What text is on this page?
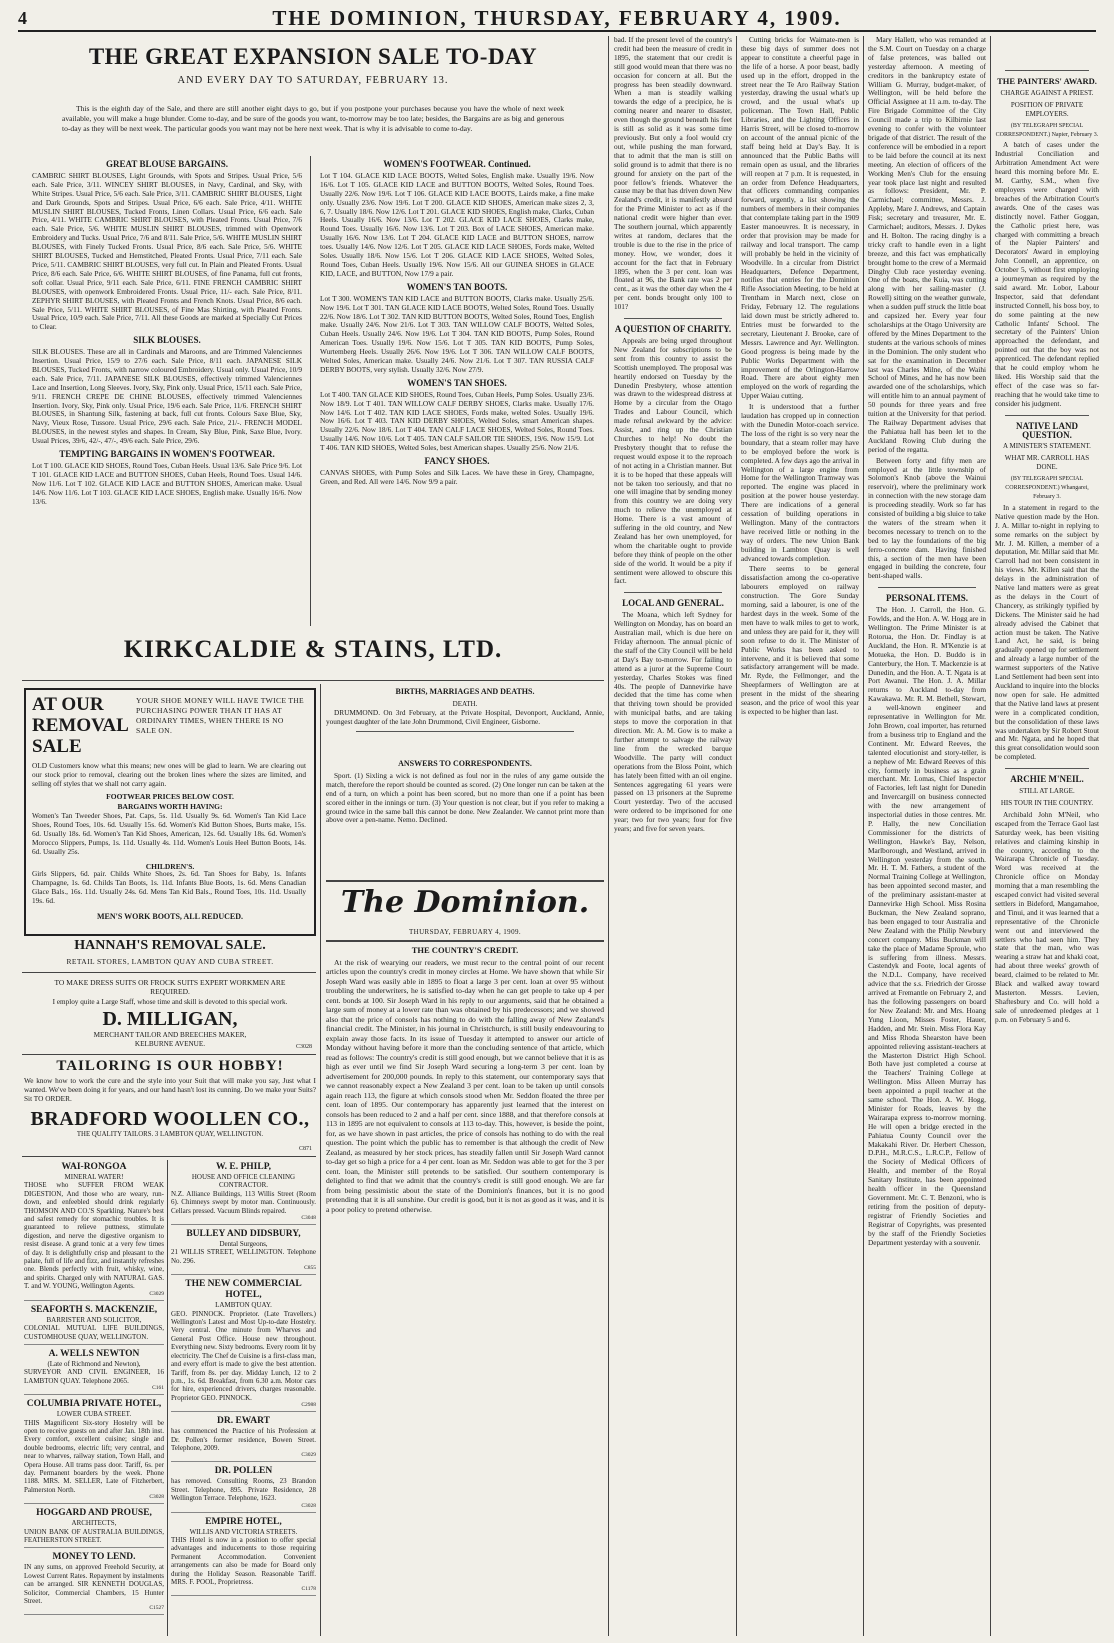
4	THE DOMINION, THURSDAY, FEBRUARY 4, 1909.
THE GREAT EXPANSION SALE TO-DAY
AND EVERY DAY TO SATURDAY, FEBRUARY 13.
This is the eighth day of the Sale, and there are still another eight days to go, but if you postpone your purchases because you have the whole of next week available, you will make a huge blunder. Come to-day, and be sure of the goods you want, to-morrow may be too late; besides, the Bargains are as big and generous to-day as they will be next week. The particular goods you want may not be here next week. That is why it is advisable to come to-day.
GREAT BLOUSE BARGAINS.

CAMBRIC SHIRT BLOUSES, Light Grounds, with Spots and Stripes. Usual Price, 5/6 each. Sale Price, 3/11. WINCEY SHIRT BLOUSES, in Navy, Cardinal, and Sky, with White Stripes. Usual Price, 5/6 each. Sale Price, 3/11. CAMBRIC SHIRT BLOUSES, Light and Dark Grounds, Spots and Stripes. Usual Price, 6/6 each. Sale Price, 4/11. WHITE MUSLIN SHIRT BLOUSES, Tucked Fronts, Linen Collars. Usual Price, 6/6 each. Sale Price, 4/11. WHITE CAMBRIC SHIRT BLOUSES, with Pleated Fronts. Usual Price, 7/6 each. Sale Price, 5/6. WHITE MUSLIN SHIRT BLOUSES, trimmed with Openwork Embroidery and Tucks. Usual Price, 7/6 and 8/11. Sale Price, 5/6. WHITE MUSLIN SHIRT BLOUSES, with Finely Tucked Fronts. Usual Price, 8/6 each. Sale Price, 5/6. WHITE SHIRT BLOUSES, Tucked and Hemstitched, Pleated Fronts. Usual Price, 7/11 each. Sale Price, 5/11. CAMBRIC SHIRT BLOUSES, very full cut. In Plain and Pleated Fronts. Usual Price, 8/6 each. Sale Price, 6/6. WHITE SHIRT BLOUSES, of fine Panama, full cut fronts, soft collar. Usual Price, 9/11 each. Sale Price, 6/11. FINE FRENCH CAMBRIC SHIRT BLOUSES, with openwork Embroidered Fronts. Usual Price, 11/- each. Sale Price, 8/11. ZEPHYR SHIRT BLOUSES, with Pleated Fronts and French Knots. Usual Price, 8/6 each. Sale Price, 5/11. WHITE SHIRT BLOUSES, of Fine Mas Shirting, with Pleated Fronts. Usual Price, 10/9 each. Sale Price, 7/11. All these Goods are marked at Specially Cut Prices to Clear.

SILK BLOUSES.

SILK BLOUSES. These are all in Cardinals and Maroons, and are Trimmed Valenciennes Insertion. Usual Price, 15/9 to 27/6 each. Sale Price, 8/11 each. JAPANESE SILK BLOUSES, Tucked Fronts, with narrow coloured Embroidery. Usual only. Usual Price, 10/9 each. Sale Price, 7/11. JAPANESE SILK BLOUSES, effectively trimmed Valenciennes Lace and Insertion, Long Sleeves. Ivory, Sky, Pink only. Usual Price, 15/11 each. Sale Price, 9/11. FRENCH CREPE DE CHINE BLOUSES, effectively trimmed Valenciennes Insertion. Ivory, Sky, Pink only. Usual Price, 19/6 each. Sale Price, 11/6. FRENCH SHIRT BLOUSES, in Shantung Silk, fastening at back, full cut fronts. Colours Saxe Blue, Sky, Navy, Vieux Rose, Tussore. Usual Price, 29/6 each. Sale Price, 21/-. FRENCH MODEL BLOUSES, in the newest styles and shapes. In Cream, Sky Blue, Pink, Saxe Blue, Ivory. Usual Prices, 39/6, 42/-, 47/-, 49/6 each. Sale Price, 29/6.

TEMPTING BARGAINS IN WOMEN'S FOOTWEAR.

Lot T 100. GLACE KID SHOES, Round Toes, Cuban Heels. Usual 13/6. Sale Price 9/6. Lot T 101. GLACE KID LACE and BUTTON SHOES, Cuban Heels, Round Toes. Usual 14/6. Now 11/6. Lot T 102. GLACE KID LACE and BUTTON SHOES, American make. Usual 14/6. Now 11/6. Lot T 103. GLACE KID LACE SHOES, English make. Usually 16/6. Now 13/6.

WOMEN'S FOOTWEAR. Continued.

Lot T 104. GLACE KID LACE BOOTS, Welted Soles, English make. Usually 19/6. Now 16/6. Lot T 105. GLACE KID LACE and BUTTON BOOTS, Welted Soles, Round Toes. Usually 22/6. Now 19/6. Lot T 106. GLACE KID LACE BOOTS, Lairds make, a fine make only. Usually 23/6. Now 19/6. Lot T 200. GLACE KID SHOES, American make sizes 2, 3, 6, 7. Usually 18/6. Now 12/6. Lot T 201. GLACE KID SHOES, English make, Clarks, Cuban Heels. Usually 16/6. Now 13/6. Lot T 202. GLACE KID LACE SHOES, Clarks make, Round Toes. Usually 16/6. Now 13/6. Lot T 203. Box of LACE SHOES, American make. Usually 16/6. Now 13/6. Lot T 204. GLACE KID LACE and BUTTON SHOES, narrow toes. Usually 14/6. Now 12/6. Lot T 205. GLACE KID LACE SHOES, Fords make, Welted Soles. Usually 18/6. Now 15/6. Lot T 206. GLACE KID LACE SHOES, Welted Soles, Round Toes, Cuban Heels. Usually 19/6. Now 15/6. All our GUINEA SHOES in GLACE KID, LACE, and BUTTON, Now 17/9 a pair.

WOMEN'S TAN BOOTS.

Lot T 300. WOMEN'S TAN KID LACE and BUTTON BOOTS, Clarks make. Usually 25/6. Now 19/6. Lot T 301. TAN GLACE KID LACE BOOTS, Welted Soles, Round Toes. Usually 22/6. Now 18/6. Lot T 302. TAN KID BUTTON BOOTS, Welted Soles, Round Toes, English make. Usually 24/6. Now 21/6. Lot T 303. TAN WILLOW CALF BOOTS, Welted Soles, Cuban Heels. Usually 24/6. Now 19/6. Lot T 304. TAN KID BOOTS, Pump Soles, Round American Toes. Usually 19/6. Now 15/6. Lot T 305. TAN KID BOOTS, Pump Soles, Wurtemberg Heels. Usually 26/6. Now 19/6. Lot T 306. TAN WILLOW CALF BOOTS, Welted Soles, American make. Usually 24/6. Now 21/6. Lot T 307. TAN RUSSIA CALF DERBY BOOTS, very stylish. Usually 32/6. Now 27/9.

WOMEN'S TAN SHOES.

Lot T 400. TAN GLACE KID SHOES, Round Toes, Cuban Heels, Pump Soles. Usually 23/6. Now 18/9. Lot T 401. TAN WILLOW CALF DERBY SHOES, Clarks make. Usually 17/6. Now 14/6. Lot T 402. TAN KID LACE SHOES, Fords make, welted Soles. Usually 19/6. Now 16/6. Lot T 403. TAN KID DERBY SHOES, Welted Soles, smart American shapes. Usually 22/6. Now 18/6. Lot T 404. TAN CALF LACE SHOES, Welted Soles, Round Toes. Usually 14/6. Now 10/6. Lot T 405. TAN CALF SAILOR TIE SHOES, 19/6. Now 15/9. Lot T 406. TAN KID SHOES, Welted Soles, best American shapes. Usually 25/6. Now 21/6.

FANCY SHOES.

CANVAS SHOES, with Pump Soles and Silk Laces. We have these in Grey, Champagne, Green, and Red. All were 14/6. Now 9/9 a pair.

KIRKCALDIE & STAINS, LTD.
AT OUR REMOVAL SALE
YOUR SHOE MONEY WILL HAVE TWICE THE PURCHASING POWER THAN IT HAS AT ORDINARY TIMES, WHEN THERE IS NO SALE ON.
OLD Customers know what this means; new ones will be glad to learn. We are clearing out our stock prior to removal, clearing out the broken lines where the sizes are limited, and selling off styles that we shall not carry again.
FOOTWEAR PRICES BELOW COST.
BARGAINS WORTH HAVING:
Women's Tan Tweeder Shoes, Pat. Caps, 5s. 11d. Usually 9s. 6d. Women's Tan Kid Lace Shoes, Round Toes, 10s. 6d. Usually 15s. 6d. Women's Kid Button Shoes, Burts make, 15s. 6d. Usually 18s. 6d. Women's Tan Kid Shoes, American, 12s. 6d. Usually 18s. 6d. Women's Morocco Slippers, Pumps, 1s. 11d. Usually 4s. 11d. Women's Louis Heel Button Boots, 14s. 6d. Usually 25s.
CHILDREN'S.
Girls Slippers, 6d. pair. Childs White Shoes, 2s. 6d. Tan Shoes for Baby, 1s. Infants Champagne, 1s. 6d. Childs Tan Boots, 1s. 11d. Infants Blue Boots, 1s. 6d. Mens Canadian Glace Bals., 16s. 11d. Usually 24s. 6d. Mens Tan Kid Bals., Round Toes, 10s. 11d. Usually 19s. 6d.
MEN'S WORK BOOTS, ALL REDUCED.
HANNAH'S REMOVAL SALE.
RETAIL STORES, LAMBTON QUAY AND CUBA STREET.
TO MAKE DRESS SUITS OR FROCK SUITS EXPERT WORKMEN ARE REQUIRED.
I employ quite a Large Staff, whose time and skill is devoted to this special work.
D. MILLIGAN,
MERCHANT TAILOR AND BREECHES MAKER, KELBURNE AVENUE.	C3028
TAILORING IS OUR HOBBY!
We know how to work the cure and the style into your Suit that will make you say, Just what I wanted. We've been doing it for years, and our hand hasn't lost its cunning. Do we make your Suits? Sit TO ORDER.
BRADFORD WOOLLEN CO.,
THE QUALITY TAILORS. 3 LAMBTON QUAY, WELLINGTON.
C871
WAI-RONGOA
MINERAL WATER!
THOSE who SUFFER FROM WEAK DIGESTION, And those who are weary, run-down, and enfeebled should drink regularly THOMSON AND CO.'S Sparkling. Nature's best and safest remedy for stomachic troubles. It is guaranteed to relieve puttness, stimulate digestion, and nerve the digestive organism to resist disease. A grand tonic at a very few times of day. It is delightfully crisp and pleasant to the palate, full of life and fizz, and instantly refreshes one. Blends perfectly with fruit, whisky, wine, and spirits. Charged only with NATURAL GAS. T. and W. YOUNG, Wellington Agents.
C3029
SEAFORTH S. MACKENZIE,
BARRISTER AND SOLICITOR,
COLONIAL MUTUAL LIFE BUILDINGS, CUSTOMHOUSE QUAY, WELLINGTON.
A. WELLS NEWTON
(Late of Richmond and Newton),
SURVEYOR AND CIVIL ENGINEER, 16 LAMBTON QUAY. Telephone 2065.
C161
COLUMBIA PRIVATE HOTEL,
LOWER CUBA STREET.
THIS Magnificent Six-story Hostelry will be open to receive guests on and after Jan. 18th inst. Every comfort, excellent cuisine; single and double bedrooms, electric lift; very central, and near to wharves, railway station, Town Hall, and Opera House. All trams pass door. Tariff, 6s. per day. Permanent boarders by the week. Phone 1188. MRS. M. SELLER, Late of Fitzherbert, Palmerston North.
C3028
HOGGARD AND PROUSE,
ARCHITECTS,
UNION BANK OF AUSTRALIA BUILDINGS, FEATHERSTON STREET.
MONEY TO LEND.
IN any sums, on approved Freehold Security, at Lowest Current Rates. Repayment by instalments can be arranged. SIR KENNETH DOUGLAS, Solicitor, Commercial Chambers, 15 Hunter Street.
C1527
W. E. PHILP,
HOUSE AND OFFICE CLEANING CONTRACTOR.
N.Z. Alliance Buildings, 113 Willis Street (Room 6). Chimneys swept by motor man. Continuously. Cellars pressed. Vacuum Blinds repaired.
C3048
BULLEY AND DIDSBURY,
Dental Surgeons,
21 WILLIS STREET, WELLINGTON. Telephone No. 296.
C855
THE NEW COMMERCIAL HOTEL,
LAMBTON QUAY.
GEO. PINNOCK. Proprietor. (Late Travellers.) Wellington's Latest and Most Up-to-date Hostelry. Very central. One minute from Wharves and General Post Office. House new throughout. Everything new. Sixty bedrooms. Every room lit by electricity. The Chef de Cuisine is a first-class man, and every effort is made to give the best attention. Tariff, from 8s. per day. Midday Lunch, 12 to 2 p.m., 1s. 6d. Breakfast, from 6.30 a.m. Motor cars for hire, experienced drivers, charges reasonable. Proprietor GEO. PINNOCK.
C2988
DR. EWART
has commenced the Practice of his Profession at Dr. Pollen's former residence, Bowen Street. Telephone, 2009.
C3029
DR. POLLEN
has removed. Consulting Rooms, 23 Brandon Street. Telephone, 895. Private Residence, 28 Wellington Terrace. Telephone, 1623.
C3028
EMPIRE HOTEL,
WILLIS AND VICTORIA STREETS.
THIS Hotel is now in a position to offer special advantages and inducements to those requiring Permanent Accommodation. Convenient arrangements can also be made for Board only during the Holiday Season. Reasonable Tariff. MRS. F. POOL, Proprietress.
C1178
BIRTHS, MARRIAGES AND DEATHS.
DEATH.

DRUMMOND. On 3rd February, at the Private Hospital, Devonport, Auckland, Annie, youngest daughter of the late John Drummond, Civil Engineer, Gisborne.

ANSWERS TO CORRESPONDENTS.

Sport. (1) Sixling a wick is not defined as foul nor in the rules of any game outside the match, therefore the report should be counted as scored. (2) One longer run can be taken at the end of a turn, on which a point has been scored, but no more than one if a point has been scored either in the innings or turn. (3) Your question is not clear, but if you refer to making a ground twice in the same ball this cannot be done. New Zealander. We cannot print more than above over a pen-name. Nemo. Declined.

The Dominion.
THURSDAY, FEBRUARY 4, 1909.
THE COUNTRY'S CREDIT.

At the risk of wearying our readers, we must recur to the central point of our recent articles upon the country's credit in money circles at Home. We have shown that while Sir Joseph Ward was easily able in 1895 to float a large 3 per cent. loan at over 95 without troubling the underwriters, he is satisfied to-day when he can get people to take up 4 per cent. bonds at 100. Sir Joseph Ward in his reply to our arguments, said that he obtained a large sum of money at a lower rate than was obtained by his predecessors; and we showed also that the price of consols has nothing to do with the falling away of New Zealand's financial credit. The Minister, in his journal in Christchurch, is still busily endeavouring to explain away those facts. In its issue of Tuesday it attempted to answer our article of Monday without having before it more than the concluding sentence of that article, which read as follows: The country's credit is still good enough, but we cannot believe that it is as high as ever until we find Sir Joseph Ward securing a long-term 3 per cent. loan by advertisement for 200,000 pounds. In reply to this statement, our contemporary says that we cannot reasonably expect a New Zealand 3 per cent. loan to be taken up until consols again reach 113, the figure at which consols stood when Mr. Seddon floated the three per cent. loan of 1895. Our contemporary has apparently just learned that the interest on consols has been reduced to 2 and a half per cent. since 1888, and that therefore consols at 113 in 1895 are not equivalent to consols at 113 to-day. This, however, is beside the point, for, as we have shown in past articles, the price of consols has nothing to do with the real question. The point which the public has to remember is that although the credit of New Zealand, as measured by her stock prices, has steadily fallen until Sir Joseph Ward cannot to-day get so high a price for a 4 per cent. loan as Mr. Seddon was able to get for the 3 per cent. loan, the Minister still pretends to be satisfied. Our southern contemporary is delighted to find that we admit that the country's credit is still good enough. We are far from being pessimistic about the state of the Dominion's finances, but it is no good pretending that it is all sunshine. Our credit is good, but it is not as good as it was, and it is a poor policy to pretend otherwise.

bad. If the present level of the country's credit had been the measure of credit in 1895, the statement that our credit is still good would mean that there was no occasion for concern at all. But the progress has been steadily downward. When a man is steadily walking towards the edge of a precipice, he is coming nearer and nearer to disaster, even though the ground beneath his feet is still as solid as it was some time previously. But only a fool would cry out, while pushing the man forward, that to admit that the man is still on solid ground is to admit that there is no ground for anxiety on the part of the poor fellow's friends. Whatever the cause may be that has driven down New Zealand's credit, it is manifestly absurd for the Prime Minister to act as if the national credit were higher than ever. The southern journal, which apparently writes at random, declares that the trouble is due to the rise in the price of money. How, we wonder, does it account for the fact that in February 1895, when the 3 per cent. loan was floated at 96, the Bank rate was 2 per cent., as it was the other day when the 4 per cent. bonds brought only 100 to 101?

A QUESTION OF CHARITY.

Appeals are being urged throughout New Zealand for subscriptions to be sent from this country to assist the Scottish unemployed. The proposal was heartily endorsed on Tuesday by the Dunedin Presbytery, whose attention was drawn to the widespread distress at Home by a circular from the Otago Trades and Labour Council, which made refusal awkward by the advice: Assist, and ring up the Christian Churches to help! No doubt the Presbytery thought that to refuse the request would expose it to the reproach of not acting in a Christian manner. But it is to be hoped that these appeals will not be taken too seriously, and that no one will imagine that by sending money from this country we are doing very much to relieve the unemployed at Home. There is a vast amount of suffering in the old country, and New Zealand has her own unemployed, for whom the charitable ought to provide before they think of people on the other side of the world. It would be a pity if sentiment were allowed to obscure this fact.

LOCAL AND GENERAL.

The Moana, which left Sydney for Wellington on Monday, has on board an Australian mail, which is due here on Friday afternoon. The annual picnic of the staff of the City Council will be held at Day's Bay to-morrow. For failing to attend as a juror at the Supreme Court yesterday, Charles Stokes was fined 40s. The people of Dannevirke have decided that the time has come when that thriving town should be provided with municipal baths, and are taking steps to move the corporation in that direction. Mr. A. M. Gow is to make a further attempt to salvage the railway line from the wrecked barque Woodville. The party will conduct operations from the Bloss Point, which has lately been fitted with an oil engine. Sentences aggregating 61 years were passed on 13 prisoners at the Supreme Court yesterday. Two of the accused were ordered to be imprisoned for one year; two for two years; four for five years; and five for seven years.

Cutting bricks for Waimate-men is these big days of summer does not appear to constitute a cheerful page in the life of a horse. A poor beast, badly used up in the effort, dropped in the street near the Te Aro Railway Station yesterday, drawing the usual what's up crowd, and the usual what's up policeman. The Town Hall, Public Libraries, and the Lighting Offices in Harris Street, will be closed to-morrow on account of the annual picnic of the staff being held at Day's Bay. It is announced that the Public Baths will remain open as usual, and the libraries will reopen at 7 p.m. It is requested, in an order from Defence Headquarters, that officers commanding companies forward, urgently, a list showing the numbers of members in their companies that contemplate taking part in the 1909 Easter manoeuvres. It is necessary, in order that provision may be made for railway and local transport. The camp will probably be held in the vicinity of Woodville. In a circular from District Headquarters, Defence Department, notifies that entries for the Dominion Rifle Association Meeting, to be held at Trentham in March next, close on Friday, February 12. The regulations laid down must be strictly adhered to. Entries must be forwarded to the secretary, Lieutenant J. Brooke, care of Messrs. Lawrence and Ayr. Wellington. Good progress is being made by the Public Works Department with the improvement of the Orlington-Harrow Road. There are about eighty men employed on the work of regarding the Upper Waiau cutting.

It is understood that a further laudation has cropped up in connection with the Dunedin Motor-coach service. The loss of the right is so very near the boundary, that a steam roller may have to be employed before the work is completed. A few days ago the arrival in Wellington of a large engine from Home for the Wellington Tramway was reported. The engine was placed in position at the power house yesterday. There are indications of a general cessation of building operations in Wellington. Many of the contractors have received little or nothing in the way of orders. The new Union Bank building in Lambton Quay is well advanced towards completion.

There seems to be general dissatisfaction among the co-operative labourers employed on railway construction. The Gore Sunday morning, said a labourer, is one of the hardest days in the week. Some of the men have to walk miles to get to work, and unless they are paid for it, they will soon refuse to do it. The Minister of Public Works has been asked to intervene, and it is believed that some satisfactory arrangement will be made. Mr. Ryde, the Fellmonger, and the Sheepfarmers of Wellington are at present in the midst of the shearing season, and the price of wool this year is expected to be higher than last.

Mary Hallett, who was remanded at the S.M. Court on Tuesday on a charge of false pretences, was balled out yesterday afternoon. A meeting of creditors in the bankruptcy estate of William G. Murray, budget-maker, of Wellington, will be held before the Official Assignee at 11 a.m. to-day. The Fire Brigade Committee of the City Council made a trip to Kilbirnie last evening to confer with the volunteer brigade of that district. The result of the conference will be embodied in a report to be laid before the council at its next meeting. An election of officers of the Working Men's Club for the ensuing year took place last night and resulted as follows: President, Mr. P. Carmichael; committee, Messrs. J. Appleby, Mare J. Andrews, and Captain Fisk; secretary and treasurer, Mr. E. Carmichael; auditors, Messrs. J. Dykes and H. Bolton. The racing dinghy is a tricky craft to handle even in a light breeze, and this fact was emphatically brought home to the crew of a Mermaid Dinghy Club race yesterday evening. One of the boats, the Kuia, was cutting along with her sailing-master (J. Rowell) sitting on the weather gunwale, when a sudden puff struck the little boat and capsized her. Every year four scholarships at the Otago University are offered by the Mines Department to the students at the various schools of mines in the Dominion. The only student who sat for the examination in December last was Charles Milne, of the Waihi School of Mines, and he has now been awarded one of the scholarships, which will entitle him to an annual payment of 50 pounds for three years and free tuition at the University for that period. The Railway Department advises that the Pahiatua hall has been let to the Auckland Rowing Club during the period of the regatta.

Between forty and fifty men are employed at the little township of Solomon's Knob (above the Wainui reservoir), where the preliminary work in connection with the new storage dam is proceeding steadily. Work so far has consisted of building a big sluice to take the waters of the stream when it becomes necessary to trench on to the bed to lay the foundations of the big ferro-concrete dam. Having finished this, a section of the men have been engaged in building the concrete, four bent-shaped walls.

PERSONAL ITEMS.

The Hon. J. Carroll, the Hon. G. Fowlds, and the Hon. A. W. Hogg are in Wellington. The Prime Minister is at Rotorua, the Hon. Dr. Findlay is at Auckland, the Hon. R. M'Kenzie is at Motueka, the Hon. D. Buddo is in Canterbury, the Hon. T. Mackenzie is at Dunedin, and the Hon. A. T. Ngata is at Port Awanui. The Hon. J. A. Millar returns to Auckland to-day from Kawakawa. Mr. R. M. Bethell, Stewart, a well-known engineer and representative in Wellington for Mr. John Brown, coal importer, has returned from a business trip to England and the Continent. Mr. Edward Reeves, the talented elocutionist and story-teller, is a nephew of Mr. Edward Reeves of this city, formerly in business as a grain merchant. Mr. Lomas, Chief Inspector of Factories, left last night for Dunedin and Invercargill on business connected with the new arrangement of inspectorial duties in those centres. Mr. P. Hally, the new Conciliation Commissioner for the districts of Wellington, Hawke's Bay, Nelson, Marlborough, and Westland, arrived in Wellington yesterday from the south. Mr. H. T. M. Fathers, a student of the Normal Training College at Wellington, has been appointed second master, and of the preliminary assistant-master at Dannevirke High School. Miss Rosina Buckman, the New Zealand soprano, has been engaged to tour Australia and New Zealand with the Philip Newbury concert company. Miss Buckman will take the place of Madame Sproule, who is suffering from illness. Messrs. Castendyk and Foote, local agents of the N.D.L. Company, have received advice that the s.s. Friedrich der Grosse arrived at Fremantle on February 2, and has the following passengers on board for New Zealand: Mr. and Mrs. Hoang Yung Lioon, Misses Foster, Hauer, Hadden, and Mr. Stein. Miss Flora Kay and Miss Rhoda Shearston have been appointed relieving assistant-teachers at the Masterton District High School. Both have just completed a course at the Teachers' Training College at Wellington. Miss Alleen Murray has been appointed a pupil teacher at the same school. The Hon. A. W. Hogg, Minister for Roads, leaves by the Wairarapa express to-morrow morning. He will open a bridge erected in the Pahiatua County Council over the Makakahi River. Dr. Herbert Chesson, D.P.H., M.R.C.S., L.R.C.P., Fellow of the Society of Medical Officers of Health, and member of the Royal Sanitary Institute, has been appointed health officer in the Queensland Government. Mr. C. T. Benzoni, who is retiring from the position of deputy-registrar of Friendly Societies and Registrar of Copyrights, was presented by the staff of the Friendly Societies Department yesterday with a souvenir.

THE PAINTERS' AWARD.
CHARGE AGAINST A PRIEST.
POSITION OF PRIVATE EMPLOYERS.
(BY TELEGRAPH SPECIAL CORRESPONDENT.) Napier, February 3.

A batch of cases under the Industrial Conciliation and Arbitration Amendment Act were heard this morning before Mr. E. M. Carthy, S.M., when five employers were charged with breaches of the Arbitration Court's awards. One of the cases was distinctly novel. Father Goggan, the Catholic priest here, was charged with committing a breach of the Napier Painters' and Decorators' Award in employing John Connell, an apprentice, on October 5, without first employing a journeyman as required by the said award. Mr. Lobor, Labour Inspector, said that defendant instructed Connell, his boss boy, to do some painting at the new Catholic Infants' School. The secretary of the Painters' Union approached the defendant, and pointed out that the boy was not apprenticed. The defendant replied that he could employ whom he liked. His Worship said that the effect of the case was so far-reaching that he would take time to consider his judgment.

NATIVE LAND QUESTION.
A MINISTER'S STATEMENT.
WHAT MR. CARROLL HAS DONE.
(BY TELEGRAPH SPECIAL CORRESPONDENT.) Whangarei, February 3.

In a statement in regard to the Native question made by the Hon. J. A. Millar to-night in replying to some remarks on the subject by Mr. J. M. Killen, a member of a deputation, Mr. Millar said that Mr. Carroll had not been consistent in his views. Mr. Killen said that the delays in the administration of Native land matters were as great as the delays in the Court of Chancery, as strikingly typified by Dickens. The Minister said he had already advised the Cabinet that action must be taken. The Native Land Act, he said, is being gradually opened up for settlement and already a large number of the warmest supporters of the Native Land Settlement had been sent into Auckland to inquire into the blocks now open for sale. He admitted that the Native land laws at present were in a complicated condition, but the consolidation of these laws was undertaken by Sir Robert Stout and Mr. Ngata, and he hoped that this great consolidation would soon be completed.

ARCHIE M'NEIL.
STILL AT LARGE.
HIS TOUR IN THE COUNTRY.

Archibald John M'Neil, who escaped from the Terrace Gaol last Saturday week, has been visiting relatives and claiming kinship in the country, according to the Wairarapa Chronicle of Tuesday. Word was received at the Chronicle office on Monday morning that a man resembling the escaped convict had visited several settlers in Bideford, Mangamahoe, and Tinui, and it was learned that a representative of the Chronicle went out and interviewed the settlers who had seen him. They state that the man, who was wearing a straw hat and khaki coat, had about three weeks' growth of beard, claimed to be related to Mr. Black and walked away toward Masterton. Messrs. Levien, Shaftesbury and Co. will hold a sale of unredeemed pledges at 1 p.m. on February 5 and 6.
